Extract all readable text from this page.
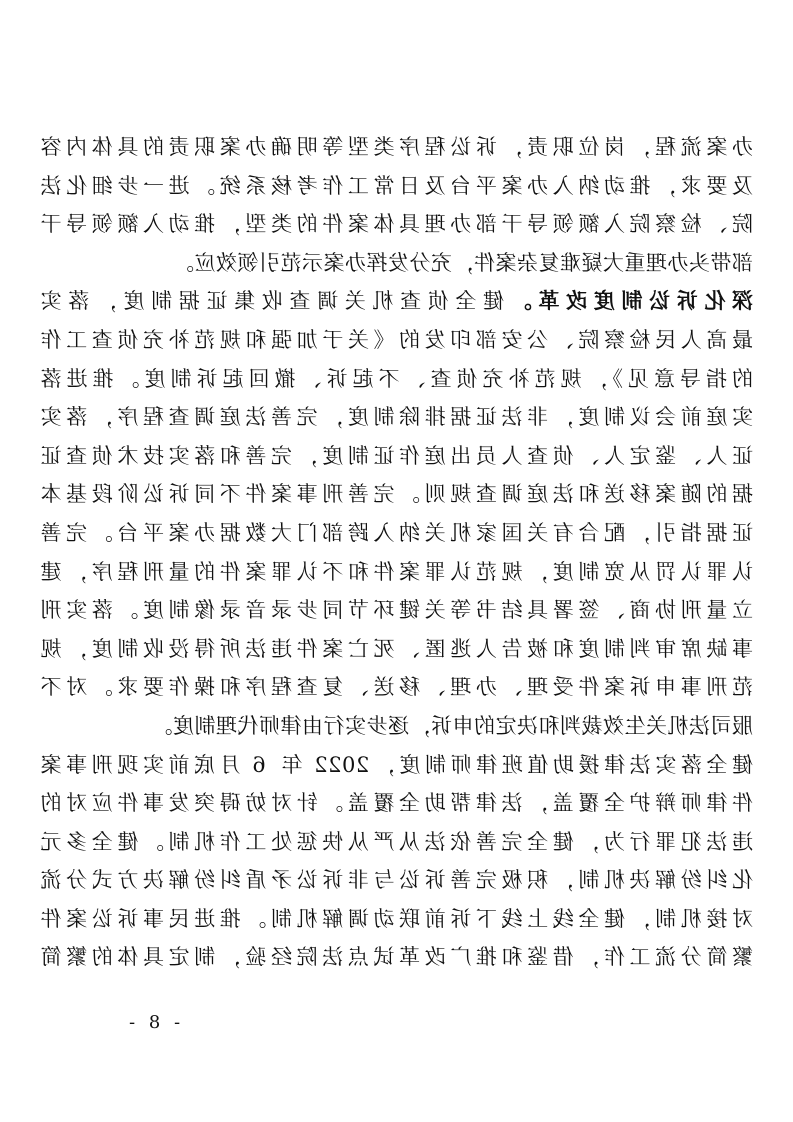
办案流程，岗位职责，诉讼程序类型等明确办案职责的具体内容
及要求，推动纳入办案平台及日常工作考核系统。进一步细化法
院、检察院入额领导干部办理具体案件的类型，推动入额领导干
部带头办理重大疑难复杂案件，充分发挥办案示范引领效应。
深化诉讼制度改革。健全侦查机关调查收集证据制度，落实
最高人民检察院、公安部印发的《关于加强和规范补充侦查工作
的指导意见》，规范补充侦查、不起诉、撤回起诉制度。推进落
实庭前会议制度，非法证据排除制度，完善法庭调查程序，落实
证人、鉴定人、侦查人员出庭作证制度，完善和落实技术侦查证
据的随案移送和法庭调查规则。完善刑事案件不同诉讼阶段基本
证据指引，配合有关国家机关纳入跨部门大数据办案平台。完善
认罪认罚从宽制度，规范认罪案件和不认罪案件的量刑程序，建
立量刑协商、签署具结书等关键环节同步录音录像制度。落实刑
事缺席审判制度和被告人逃匿、死亡案件违法所得没收制度，规
范刑事申诉案件受理、办理、移送、复查程序和操作要求。对不
服司法机关生效裁判和决定的申诉，逐步实行由律师代理制度。
健全落实法律援助值班律师制度，2022 年 6 月底前实现刑事案
件律师辩护全覆盖，法律帮助全覆盖。针对妨碍突发事件应对的
违法犯罪行为，健全完善依法从严从快惩处工作机制。健全多元
化纠纷解决机制，积极完善诉讼与非诉讼矛盾纠纷解决方式分流
对接机制，健全线上线下诉前联动调解机制。推进民事诉讼案件
繁简分流工作，借鉴和推广改革试点法院经验，制定具体的繁简
- 8 -
